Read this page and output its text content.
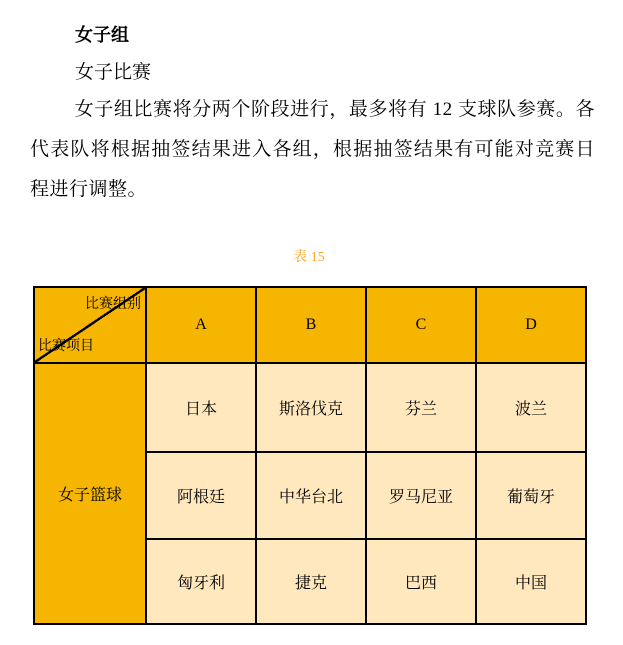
女子组
女子比赛
女子组比赛将分两个阶段进行，最多将有 12 支球队参赛。各代表队将根据抽签结果进入各组，根据抽签结果有可能对竞赛日程进行调整。
表 15
比赛组别
比赛项目	A	B	C	D
女子篮球	日本	斯洛伐克	芬兰	波兰
	阿根廷	中华台北	罗马尼亚	葡萄牙
	匈牙利	捷克	巴西	中国
